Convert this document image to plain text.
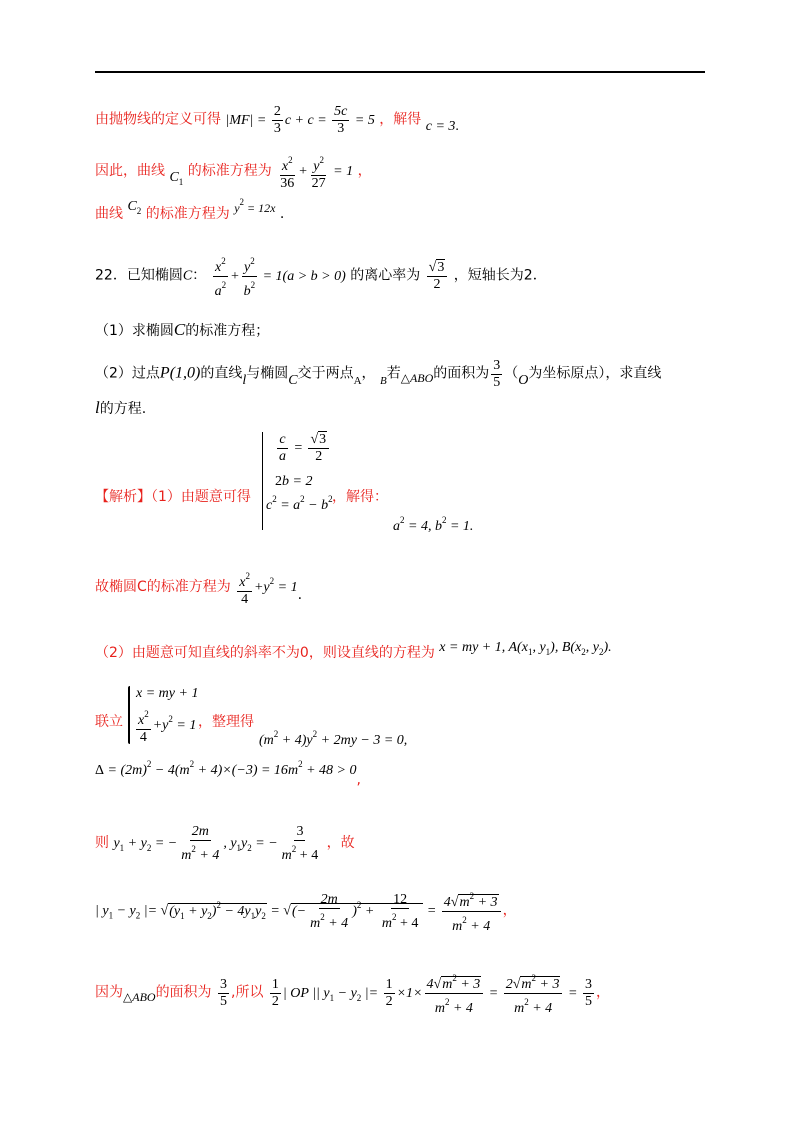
由抛物线的定义可得 $|MF| = \frac{2}{3}$ $c + c = \frac{5c}{3} = 5$ ，解得 c = 3.
因此，曲线 $C_1$ 的标准方程为 $\frac{x^2}{36} + \frac{y^2}{27} = 1$ ，
曲线 $C_2$ 的标准方程为 $y^2 = 12x$ .
22．已知椭圆C： $\frac{x^2}{a^2} + \frac{y^2}{b^2} = 1(a > b > 0)$ 的离心率为 $\frac{√3}{2}$ ，短轴长为2．
（1）求椭圆C的标准方程；
（2）过点P(1,0)的直线l与椭圆C交于两点$_A$， $_B$若△ABO的面积为 $\frac{3}{5} (O$为坐标原点），求直线
l的方程.
$\frac{c}{a} = \frac{√3}{2}$
2b = 2
$c^2 = a^2 - b^2$
【解析】（1）由题意可得	，解得：
$a^2 = 4$, $b^2 = 1$.
故椭圆C的标准方程为 $\frac{x^2}{4} +y^2 = 1$.
（2）由题意可知直线的斜率不为0，则设直线的方程为 x = my + 1, $A(x_1$, $y_1$), $B(x_2$, $y_2$).
x = my + 1
$\frac{x^2}{4} +y^2 = 1$
联立	，整理得
$(m^2 + 4)y^2 + 2my - 3 = 0$,
$\Delta = (2m)^2 - 4(m^2 + 4)\times(-3) = 16m^2 + 48 > 0$,
则 $y_1 + y_2$ = − $\frac{2m}{m^2 + 4}$ , $y_1y_2$ = − $\frac{3}{m^2 + 4}$ ，故
| $y_1 - y_2$ |= $√(y_1 + y_2)^2 - 4y_1y_2$ = √(− $\frac{2m}{m^2 + 4} )^2 + \frac{12}{m^2 + 4} = \frac{4√m^2 + 3}{m^2 + 4}$ ，
因为△ABO的面积为 $\frac{3}{5}$ ,所以 $\frac{1}{2}$ | OP || $y_1 - y_2$ |= $\frac{1}{2} \times 1\times \frac{4√m^2 + 3}{m^2 + 4} = \frac{2√m^2 + 3}{m^2 + 4} = \frac{3}{5}$ ，
